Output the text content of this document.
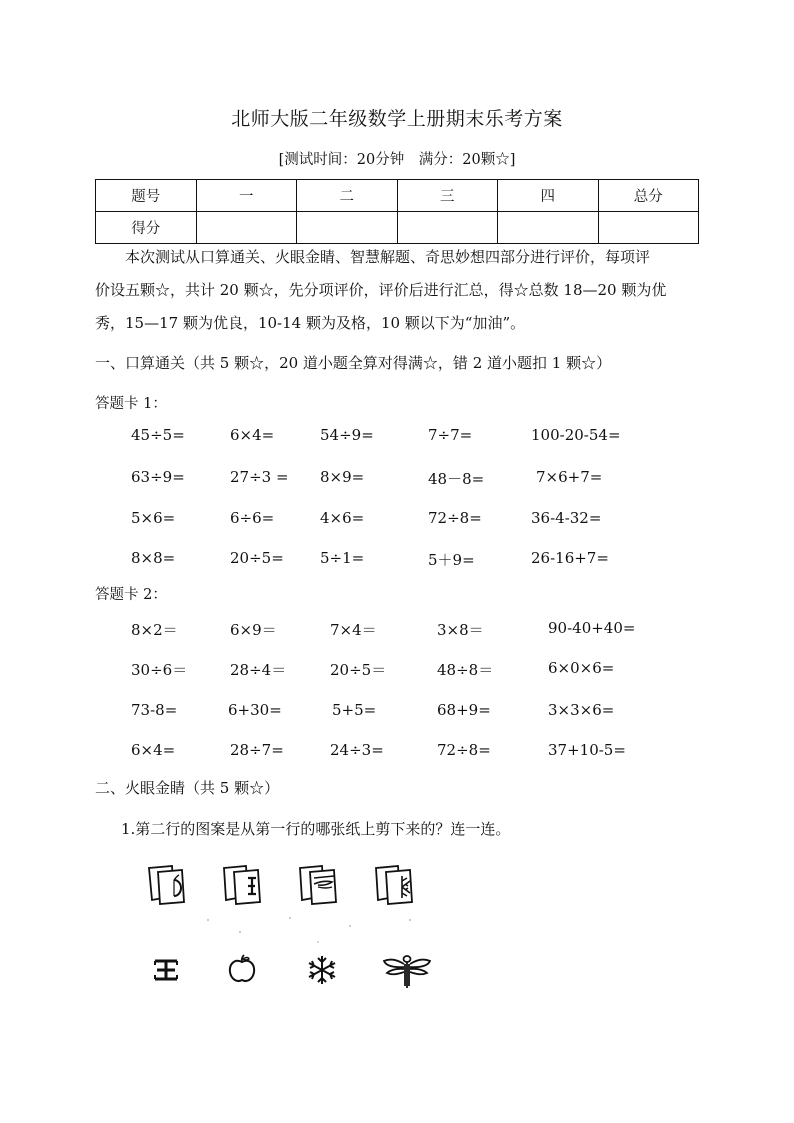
北师大版二年级数学上册期末乐考方案
[测试时间：20分钟　满分：20颗☆]
题号	一	二	三	四	总分
得分					
本次测试从口算通关、火眼金睛、智慧解题、奇思妙想四部分进行评价，每项评
价设五颗☆，共计 20 颗☆，先分项评价，评价后进行汇总，得☆总数 18—20 颗为优
秀，15—17 颗为优良，10-14 颗为及格，10 颗以下为“加油”。
一、口算通关（共 5 颗☆，20 道小题全算对得满☆，错 2 道小题扣 1 颗☆）
答题卡 1：
45÷5=	6×4=	54÷9=	7÷7=	100-20-54=
63÷9=	27÷3 = 8×9=	48－8=	7×6+7=
5×6=	6÷6=	4×6=	72÷8=	36-4-32=
8×8=	20÷5= 5÷1=	5＋9=	26-16+7=
答题卡 2：
8×2＝	6×9＝	7×4＝	3×8＝	90-40+40=
30÷6＝	28÷4＝	20÷5＝	48÷8＝	6×0×6=
73-8=	6+30=	5+5=	68+9=	3×3×6=
6×4=	28÷7=	24÷3=	72÷8=	37+10-5=
二、火眼金睛（共 5 颗☆）
1.第二行的图案是从第一行的哪张纸上剪下来的？连一连。
